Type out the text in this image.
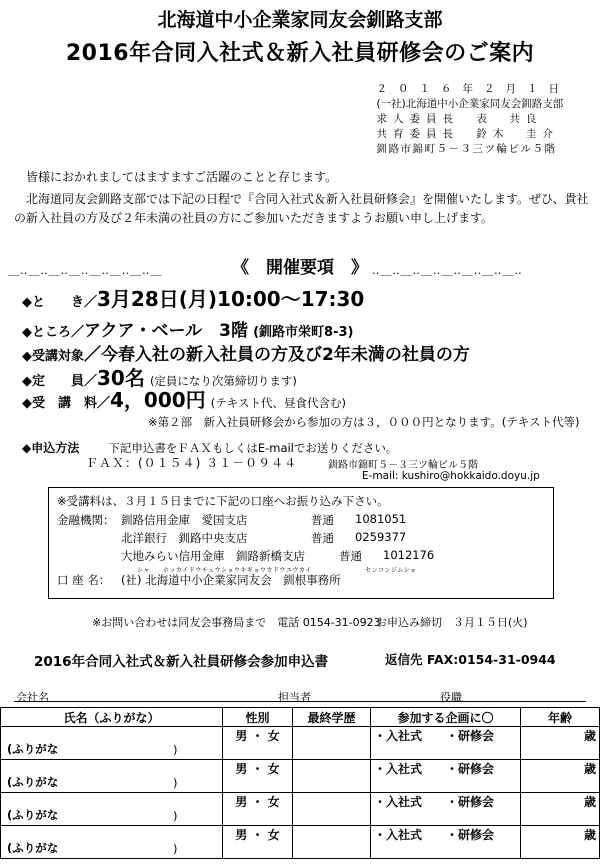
北海道中小企業家同友会釧路支部
2016年合同入社式＆新入社員研修会のご案内
２０１６年２月１日
(一社)北海道中小企業家同友会釧路支部
求人委員長 表　共良
共育委員長 鈴木　圭介
釧路市錦町５－３三ツ輪ビル５階

皆様におかれましてはますますご活躍のことと存じます。

北海道同友会釧路支部では下記の日程で『合同入社式＆新入社員研修会』を開催いたします。ぜひ、貴社の新入社員の方及び２年未満の社員の方にご参加いただきますようお願い申し上げます。

＿‥＿‥＿‥＿‥＿‥＿‥＿‥＿	《　開催要項　》 ‥＿‥＿‥＿‥＿‥＿‥＿‥＿‥
◆と　　き／3月28日(月)10:00～17:30
◆ところ／アクア・ベール　3階 (釧路市栄町8-3)
◆受講対象／今春入社の新入社員の方及び2年未満の社員の方
◆定　　員／30名 (定員になり次第締切ります)
◆受　講　料／4，000円 (テキスト代、昼食代含む)
※第２部　新入社員研修会から参加の方は３，０００円となります。(テキスト代等)
◆申込方法	下記申込書をＦＡＸもしくはE-mailでお送りください。
ＦＡＸ：(０１５４) ３１－０９４４	釧路市錦町５－３三ツ輪ビル５階
E-mail: kushiro@hokkaido.doyu.jp
※受講料は、３月１５日までに下記の口座へお振り込み下さい。
金融機関： 釧路信用金庫　愛国支店	普通 1081051
北洋銀行　釧路中央支店	普通 0259377
大地みらい信用金庫　釧路新橋支店	普通 1012176
シャ　　ホッカイドウチュウショウキギョウカドウユウカイ	センコンジムショ
口 座 名： (社) 北海道中小企業家同友会　釧根事務所
※お問い合わせは同友会事務局まで　電話 0154-31-0923
お申込み締切　３月１５日(火)
2016年合同入社式＆新入社員研修会参加申込書	返信先 FAX:0154-31-0944
会社名	担当者	役職
氏名（ふりがな）	性別	最終学歴	参加する企画に〇	年齢

(ふりがな )	男 ・ 女		・入社式　　・研修会	歳

(ふりがな )	男 ・ 女		・入社式　　・研修会	歳

(ふりがな )	男 ・ 女		・入社式　　・研修会	歳

(ふりがな )	男 ・ 女		・入社式　　・研修会	歳
